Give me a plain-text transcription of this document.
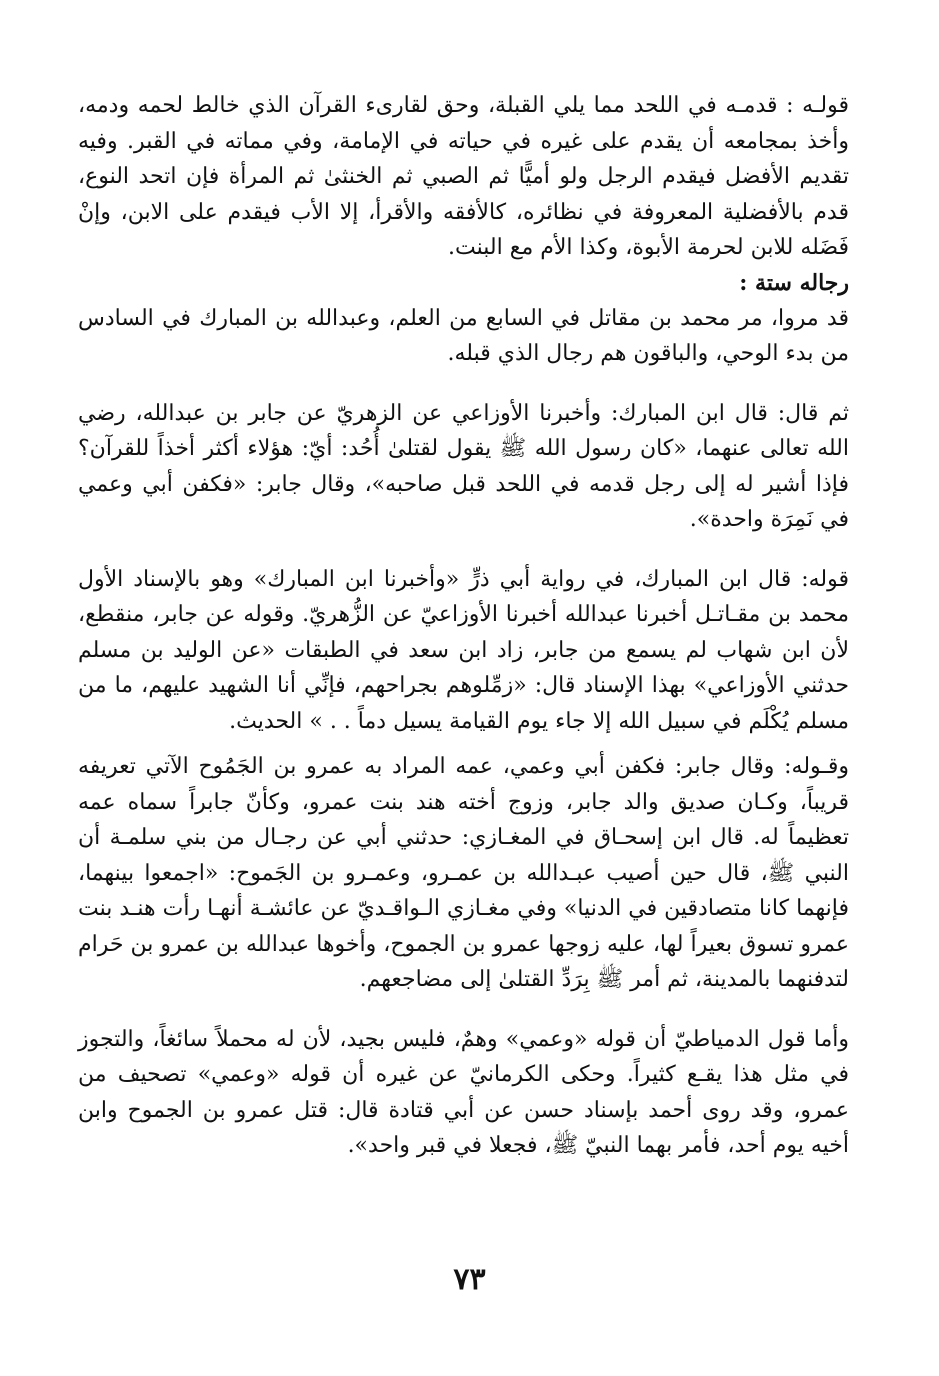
قولـه : قدمـه في اللحد مما يلي القبلة، وحق لقارىء القرآن الذي خالط لحمه ودمه، وأخذ بمجامعه أن يقدم على غيره في حياته في الإمامة، وفي مماته في القبر. وفيه تقديم الأفضل فيقدم الرجل ولو أميًّا ثم الصبي ثم الخنثىٰ ثم المرأة فإن اتحد النوع، قدم بالأفضلية المعروفة في نظائره، كالأفقه والأقرأ، إلا الأب فيقدم على الابن، وإنْ فَضَله للابن لحرمة الأبوة، وكذا الأم مع البنت.

رجاله ستة :

قد مروا، مر محمد بن مقاتل في السابع من العلم، وعبدالله بن المبارك في السادس من بدء الوحي، والباقون هم رجال الذي قبله.

ثم قال: قال ابن المبارك: وأخبرنا الأوزاعي عن الزهريّ عن جابر بن عبدالله، رضي الله تعالى عنهما، «كان رسول الله ﷺ يقول لقتلىٰ أُحُد: أيّ: هؤلاء أكثر أخذاً للقرآن؟ فإذا أشير له إلى رجل قدمه في اللحد قبل صاحبه»، وقال جابر: «فكفن أبي وعمي في نَمِرَة واحدة».

قوله: قال ابن المبارك، في رواية أبي ذرٍّ «وأخبرنا ابن المبارك» وهو بالإسناد الأول محمد بن مقـاتـل أخبرنا عبدالله أخبرنا الأوزاعيّ عن الزُّهريّ. وقوله عن جابر، منقطع، لأن ابن شهاب لم يسمع من جابر، زاد ابن سعد في الطبقات «عن الوليد بن مسلم حدثني الأوزاعي» بهذا الإسناد قال: «زمِّلوهم بجراحهم، فإنِّي أنا الشهيد عليهم، ما من مسلم يُكْلَم في سبيل الله إلا جاء يوم القيامة يسيل دماً . . » الحديث.

وقـوله: وقال جابر: فكفن أبي وعمي، عمه المراد به عمرو بن الجَمُوح الآتي تعريفه قريباً، وكـان صديق والد جابر، وزوج أخته هند بنت عمرو، وكأنّ جابراً سماه عمه تعظيماً له. قال ابن إسحـاق في المغـازي: حدثني أبي عن رجـال من بني سلمـة أن النبي ﷺ، قال حين أصيب عبـدالله بن عمـرو، وعمـرو بن الجَموح: «اجمعوا بينهما، فإنهما كانا متصادقين في الدنيا» وفي مغـازي الـواقـديّ عن عائشـة أنهـا رأت هنـد بنت عمرو تسوق بعيراً لها، عليه زوجها عمرو بن الجموح، وأخوها عبدالله بن عمرو بن حَرام لتدفنهما بالمدينة، ثم أمر ﷺ بِرَدِّ القتلىٰ إلى مضاجعهم.

وأما قول الدمياطيّ أن قوله «وعمي» وهمٌ، فليس بجيد، لأن له محملاً سائغاً، والتجوز في مثل هذا يقـع كثيراً. وحكى الكرمانيّ عن غيره أن قوله «وعمي» تصحيف من عمرو، وقد روى أحمد بإسناد حسن عن أبي قتادة قال: قتل عمرو بن الجموح وابن أخيه يوم أحد، فأمر بهما النبيّ ﷺ، فجعلا في قبر واحد».

٧٣
